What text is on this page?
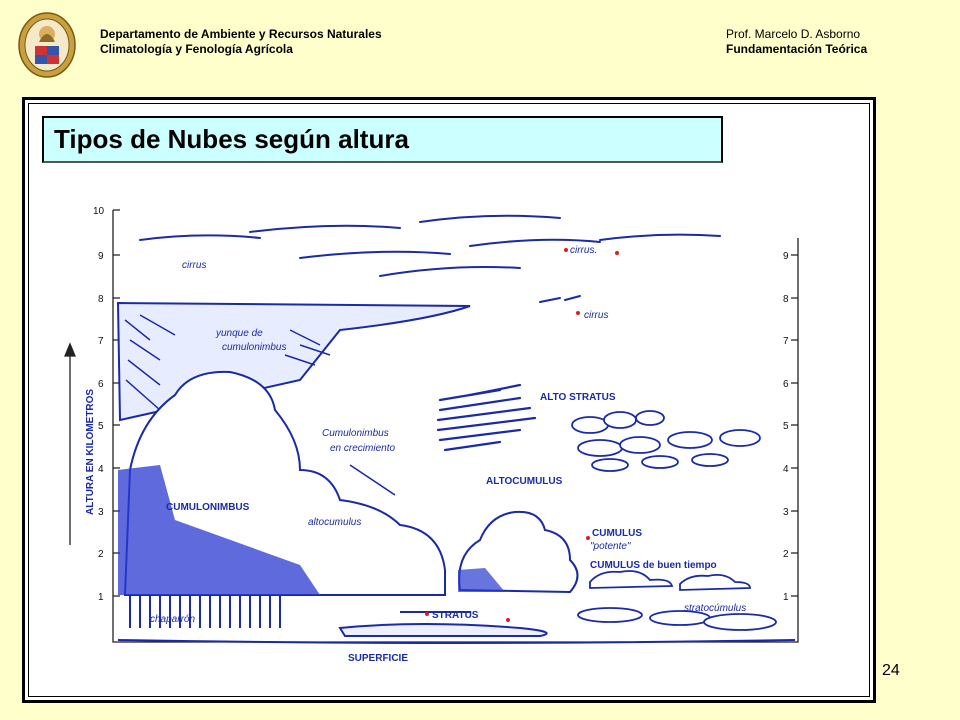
Departamento de Ambiente y Recursos Naturales
Climatología y Fenología Agrícola
Prof. Marcelo D. Asborno
Fundamentación Teórica
Tipos de Nubes según altura
10
9
8
7
6
5
4
3
2
1
9
8
7
6
5
4
3
2
1
ALTURA EN KILOMETROS
cirrus
cirrus.
cirrus
yunque de
cumulonimbus
Cumulonimbus
en crecimiento
ALTO STRATUS
ALTOCUMULUS
CUMULONIMBUS
altocumulus
CUMULUS
"potente"
CUMULUS de buen tiempo
STRATUS
stratocúmulus
chaparrón
SUPERFICIE
24
